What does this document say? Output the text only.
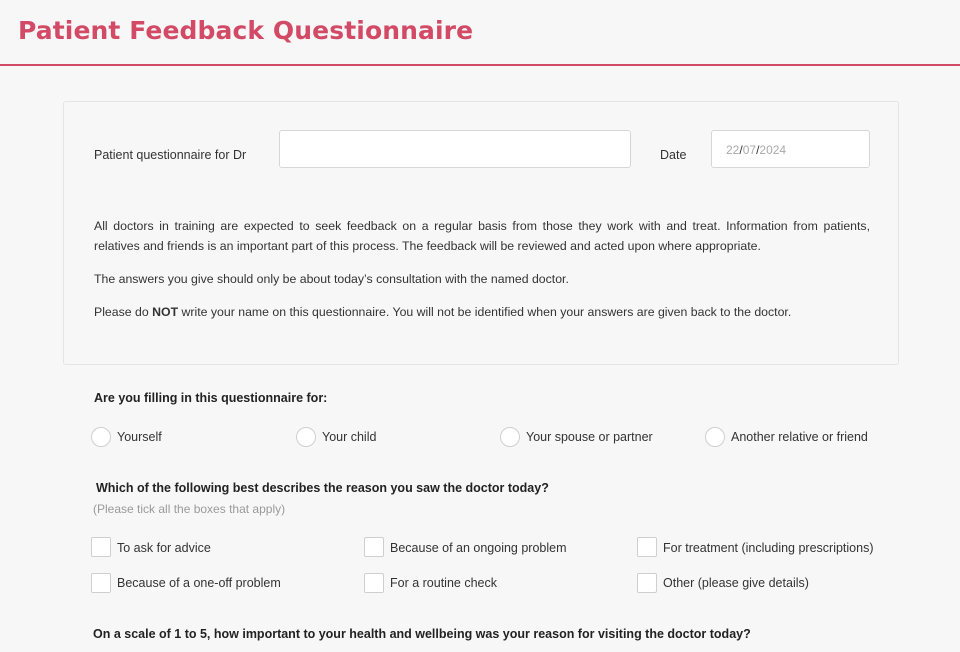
Patient Feedback Questionnaire
Patient questionnaire for Dr	Date	22/07/2024

All doctors in training are expected to seek feedback on a regular basis from those they work with and treat. Information from patients, relatives and friends is an important part of this process. The feedback will be reviewed and acted upon where appropriate.

The answers you give should only be about today’s consultation with the named doctor.

Please do NOT write your name on this questionnaire. You will not be identified when your answers are given back to the doctor.

Are you filling in this questionnaire for:
Yourself	Your child	Your spouse or partner	Another relative or friend
Which of the following best describes the reason you saw the doctor today?
(Please tick all the boxes that apply)
To ask for advice	Because of an ongoing problem	For treatment (including prescriptions)
Because of a one-off problem	For a routine check	Other (please give details)
On a scale of 1 to 5, how important to your health and wellbeing was your reason for visiting the doctor today?
